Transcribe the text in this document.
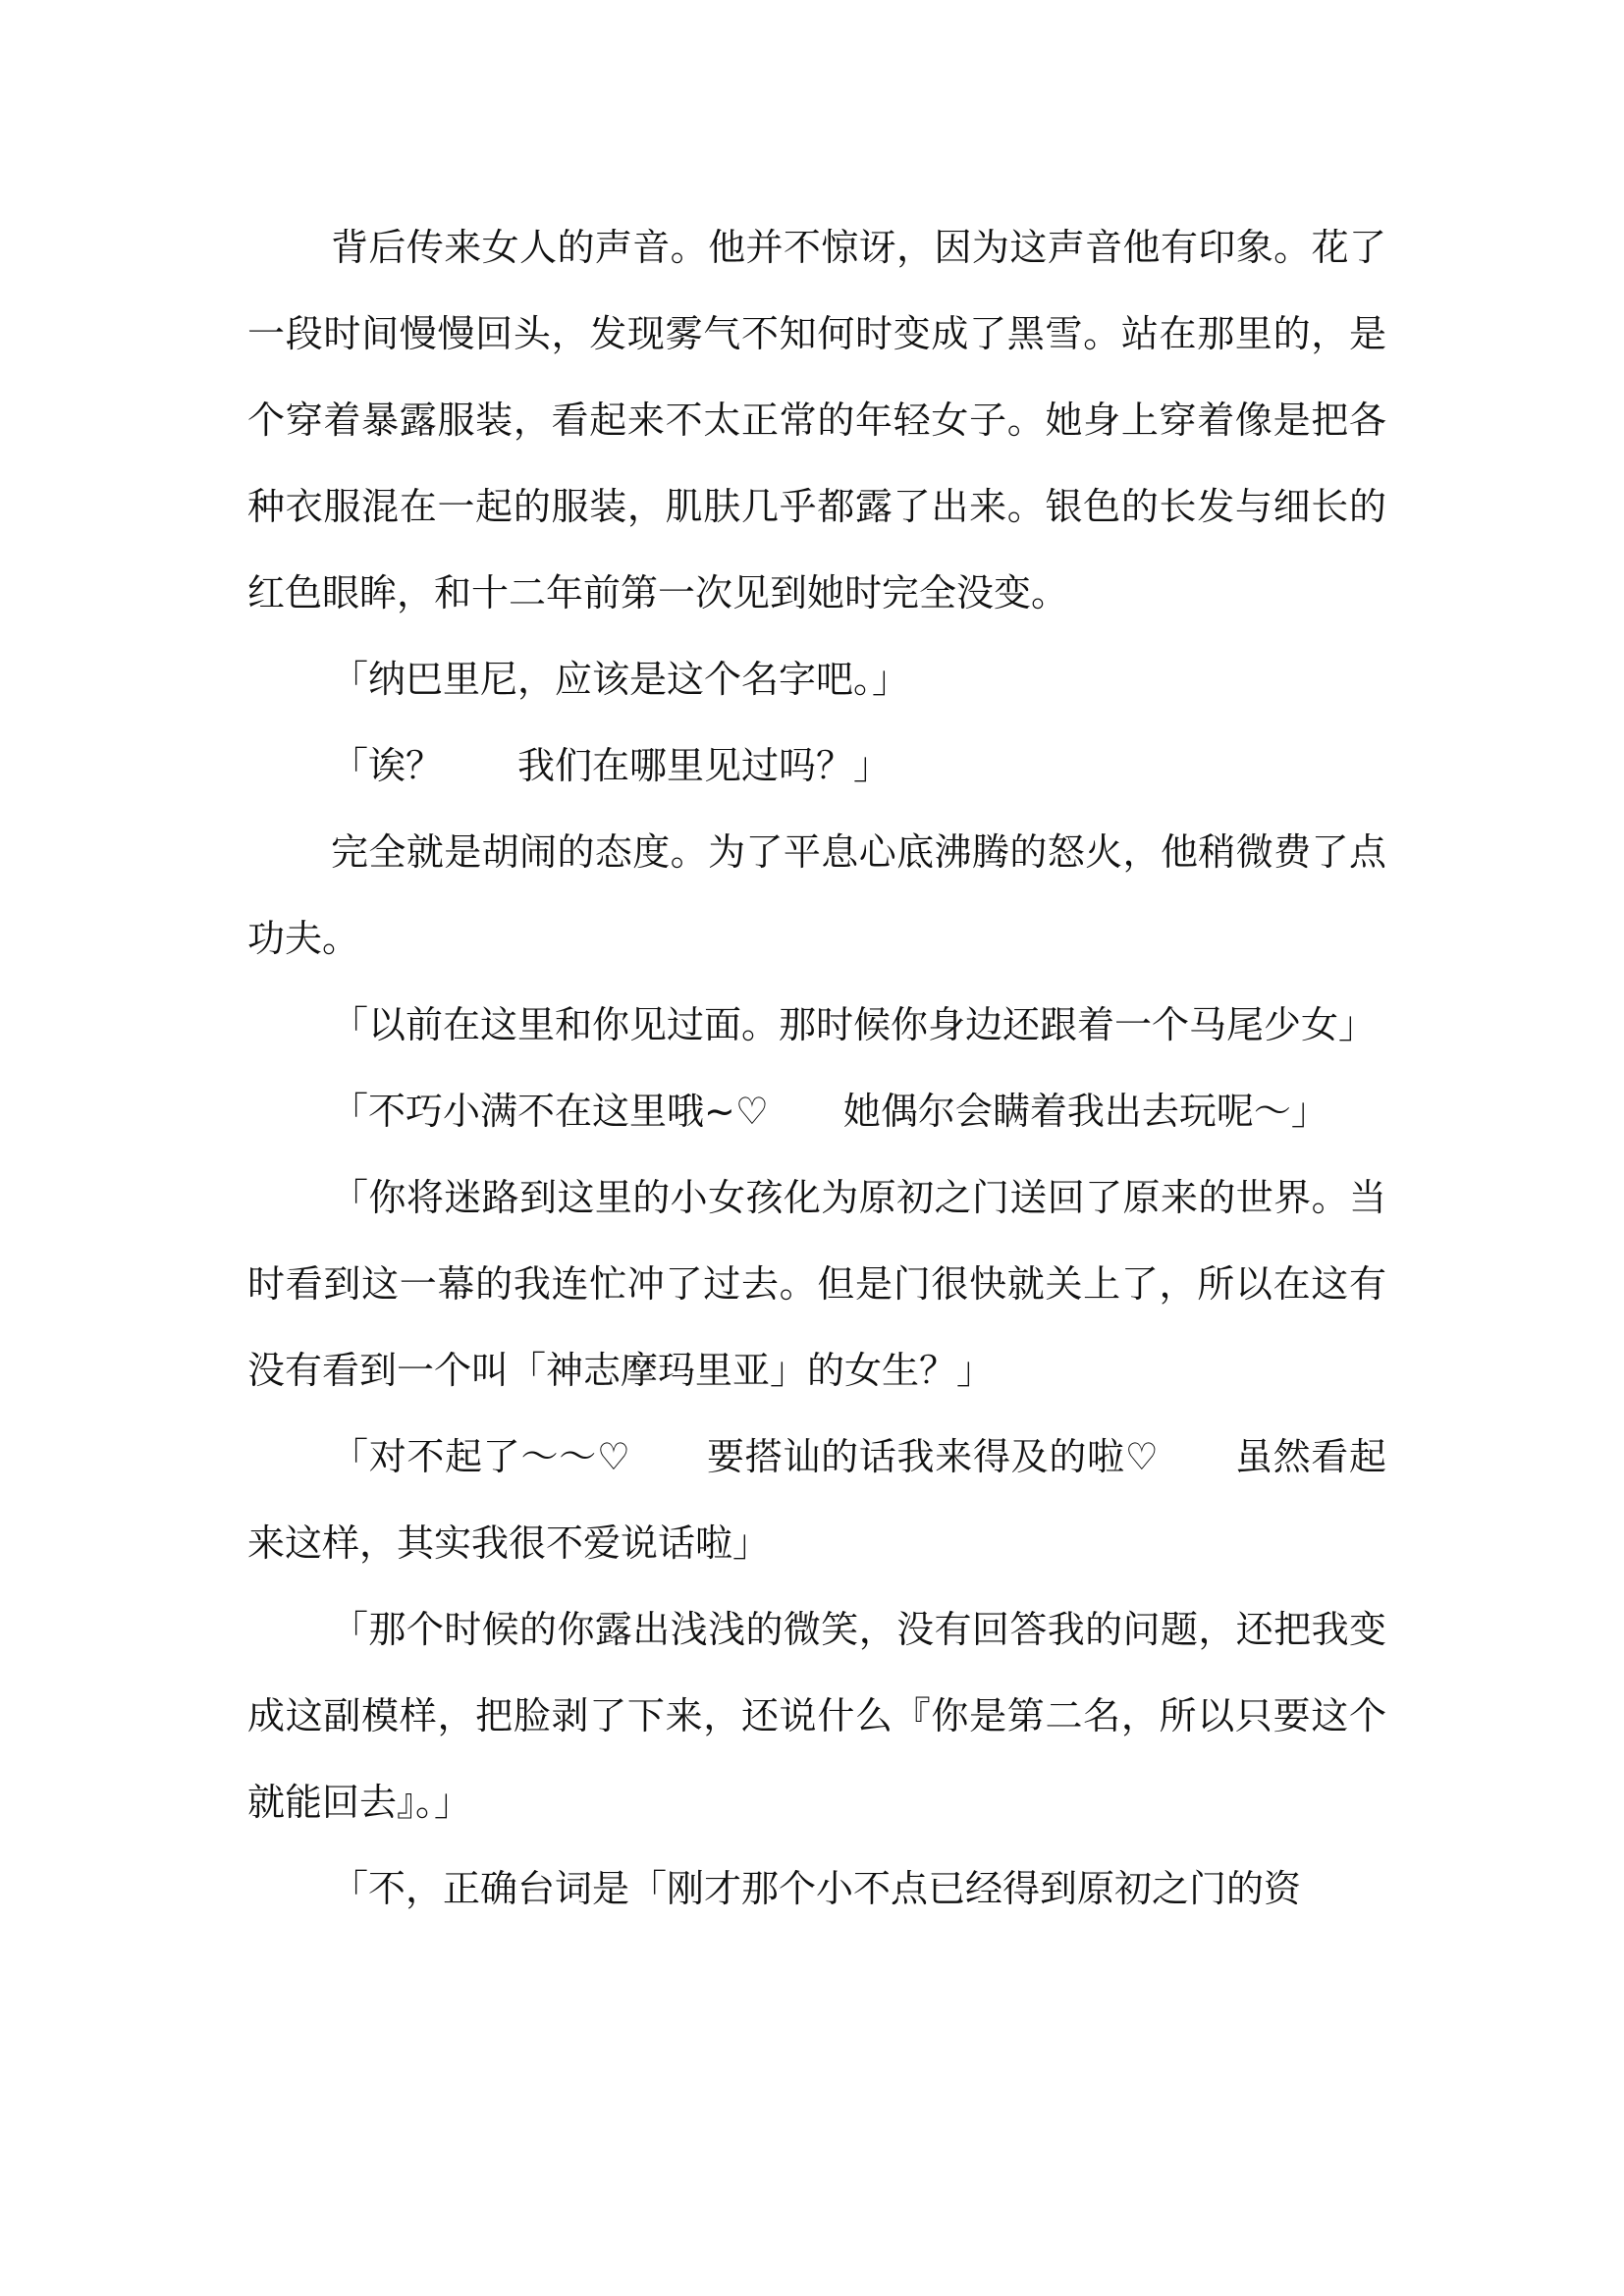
背后传来女人的声音。他并不惊讶，因为这声音他有印象。花了一段时间慢慢回头，发现雾气不知何时变成了黑雪。站在那里的，是个穿着暴露服装，看起来不太正常的年轻女子。她身上穿着像是把各种衣服混在一起的服装，肌肤几乎都露了出来。银色的长发与细长的红色眼眸，和十二年前第一次见到她时完全没变。

「纳巴里尼，应该是这个名字吧。」

「诶？　　我们在哪里见过吗？」

完全就是胡闹的态度。为了平息心底沸腾的怒火，他稍微费了点功夫。

「以前在这里和你见过面。那时候你身边还跟着一个马尾少女」

「不巧小满不在这里哦~♡　　她偶尔会瞒着我出去玩呢～」

「你将迷路到这里的小女孩化为原初之门送回了原来的世界。当时看到这一幕的我连忙冲了过去。但是门很快就关上了，所以在这有没有看到一个叫「神志摩玛里亚」的女生？」

「对不起了～～♡　　要搭讪的话我来得及的啦♡　　虽然看起来这样，其实我很不爱说话啦」

「那个时候的你露出浅浅的微笑，没有回答我的问题，还把我变成这副模样，把脸剥了下来，还说什么『你是第二名，所以只要这个就能回去』。」

「不，正确台词是「刚才那个小不点已经得到原初之门的资
